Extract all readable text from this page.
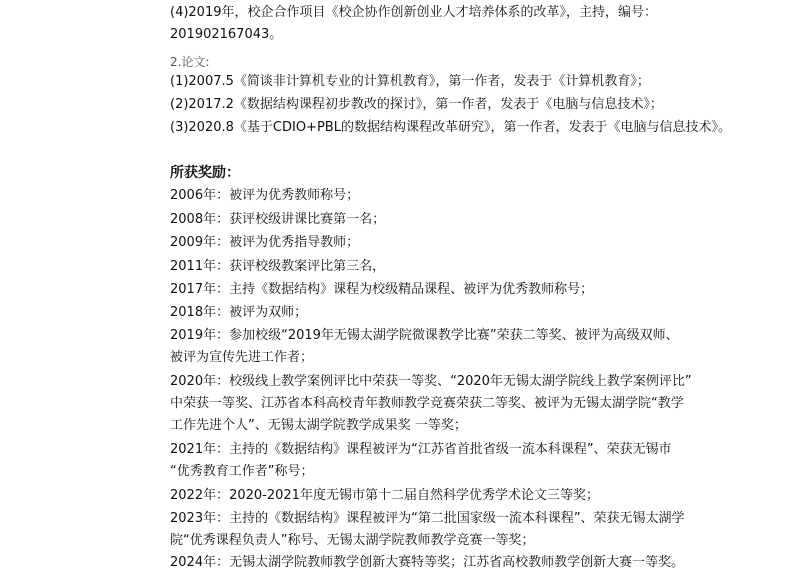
(4)2019年，校企合作项目《校企协作创新创业人才培养体系的改革》，主持，编号：
201902167043。
2.论文:
(1)2007.5《简谈非计算机专业的计算机教育》，第一作者，发表于《计算机教育》；
(2)2017.2《数据结构课程初步教改的探讨》，第一作者，发表于《电脑与信息技术》；
(3)2020.8《基于CDIO+PBL的数据结构课程改革研究》，第一作者，发表于《电脑与信息技术》。
所获奖励：
2006年：被评为优秀教师称号；
2008年：获评校级讲课比赛第一名；
2009年：被评为优秀指导教师；
2011年：获评校级教案评比第三名，
2017年：主持《数据结构》课程为校级精品课程、被评为优秀教师称号；
2018年：被评为双师；
2019年：参加校级“2019年无锡太湖学院微课教学比赛”荣获二等奖、被评为高级双师、
被评为宣传先进工作者；
2020年：校级线上教学案例评比中荣获一等奖、“2020年无锡太湖学院线上教学案例评比”
中荣获一等奖、江苏省本科高校青年教师教学竞赛荣获二等奖、被评为无锡太湖学院“教学
工作先进个人”、无锡太湖学院教学成果奖 一等奖；
2021年：主持的《数据结构》课程被评为“江苏省首批省级一流本科课程”、荣获无锡市
“优秀教育工作者”称号；
2022年：2020-2021年度无锡市第十二届自然科学优秀学术论文三等奖；
2023年：主持的《数据结构》课程被评为“第二批国家级一流本科课程”、荣获无锡太湖学
院“优秀课程负责人”称号、无锡太湖学院教师教学竞赛一等奖；
2024年：无锡太湖学院教师教学创新大赛特等奖；江苏省高校教师教学创新大赛一等奖。
